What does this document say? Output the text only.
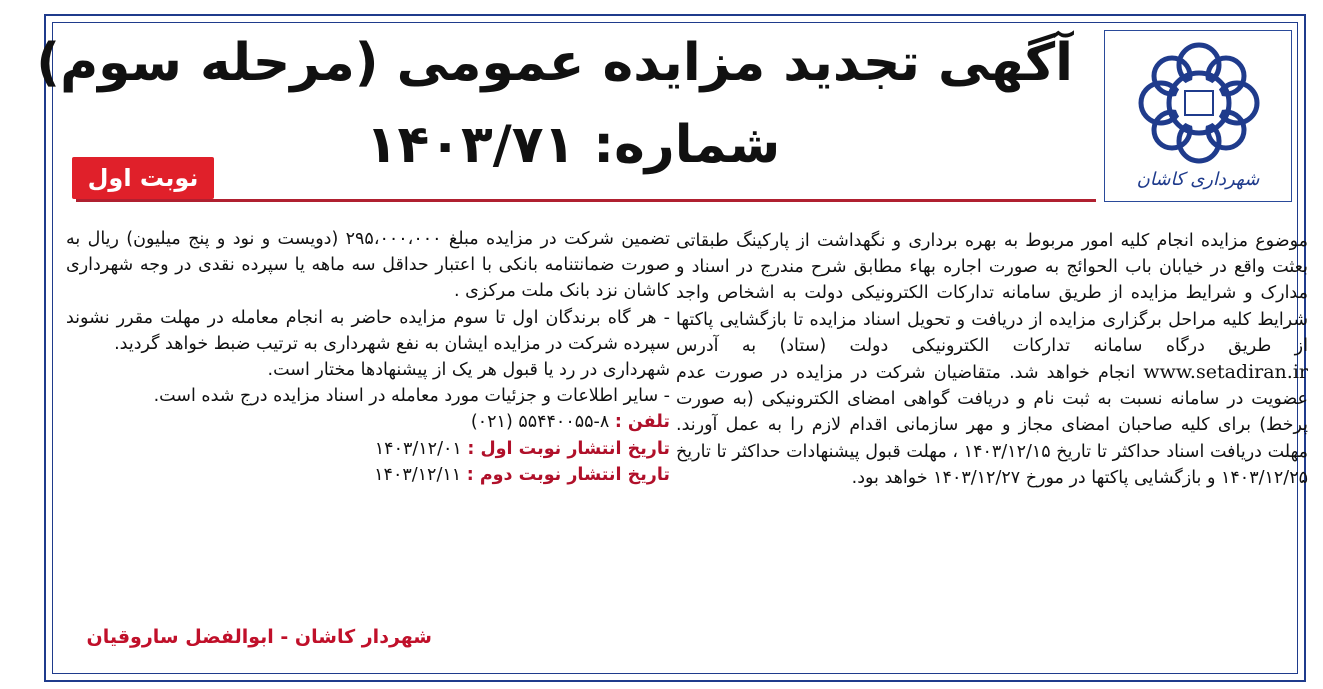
شهرداری کاشان
آگهی تجدید مزایده عمومی (مرحله سوم)
شماره: ۱۴۰۳/۷۱
نوبت اول

موضوع مزایده انجام کلیه امور مربوط به بهره برداری و نگهداشت از پارکینگ طبقاتی بعثت واقع در خیابان باب الحوائج به صورت اجاره بهاء مطابق شرح مندرج در اسناد و مدارک و شرایط مزایده از طریق سامانه تدارکات الکترونیکی دولت به اشخاص واجد شرایط کلیه مراحل برگزاری مزایده از دریافت و تحویل اسناد مزایده تا بازگشایی پاکتها از طریق درگاه سامانه تدارکات الکترونیکی دولت (ستاد) به آدرس www.setadiran.ir انجام خواهد شد. متقاضیان شرکت در مزایده در صورت عدم عضویت در سامانه نسبت به ثبت نام و دریافت گواهی امضای الکترونیکی (به صورت پرخط) برای کلیه صاحبان امضای مجاز و مهر سازمانی اقدام لازم را به عمل آورند. مهلت دریافت اسناد حداکثر تا تاریخ ۱۴۰۳/۱۲/۱۵ ، مهلت قبول پیشنهادات حداکثر تا تاریخ ۱۴۰۳/۱۲/۲۵ و بازگشایی پاکتها در مورخ ۱۴۰۳/۱۲/۲۷ خواهد بود.

تضمین شرکت در مزایده مبلغ ۲۹۵،۰۰۰،۰۰۰ (دویست و نود و پنج میلیون) ریال به صورت ضمانتنامه بانکی با اعتبار حداقل سه ماهه یا سپرده نقدی در وجه شهرداری کاشان نزد بانک ملت مرکزی .

- هر گاه برندگان اول تا سوم مزایده حاضر به انجام معامله در مهلت مقرر نشوند سپرده شرکت در مزایده ایشان به نفع شهرداری به ترتیب ضبط خواهد گردید.

شهرداری در رد یا قبول هر یک از پیشنهادها مختار است.

- سایر اطلاعات و جزئیات مورد معامله در اسناد مزایده درج شده است.

تلفن : ۸-۵۵۴۴۰۰۵۵ (۰۲۱)

تاریخ انتشار نوبت اول : ۱۴۰۳/۱۲/۰۱

تاریخ انتشار نوبت دوم : ۱۴۰۳/۱۲/۱۱

شهردار کاشان - ابوالفضل ساروقیان
